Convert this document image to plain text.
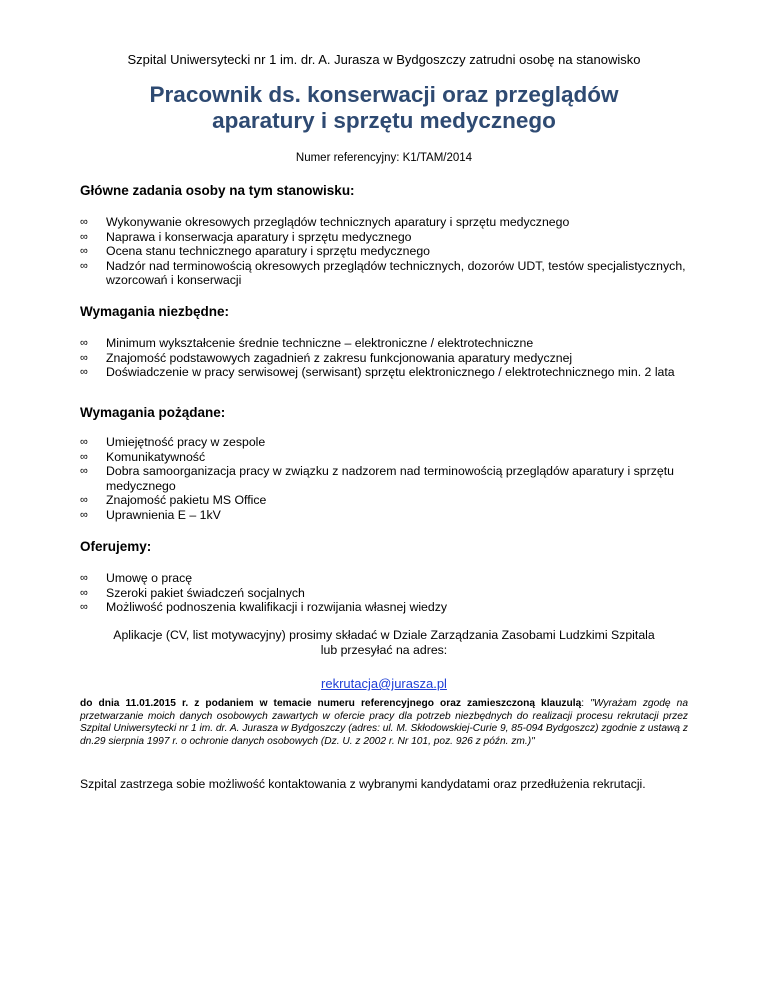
Szpital Uniwersytecki nr 1 im. dr. A. Jurasza w Bydgoszczy zatrudni osobę na stanowisko
Pracownik ds. konserwacji oraz przeglądów
aparatury i sprzętu medycznego
Numer referencyjny: K1/TAM/2014

Główne zadania osoby na tym stanowisku:

∞ Wykonywanie okresowych przeglądów technicznych aparatury i sprzętu medycznego
∞ Naprawa i konserwacja aparatury i sprzętu medycznego
∞ Ocena stanu technicznego aparatury i sprzętu medycznego
∞ Nadzór nad terminowością okresowych przeglądów technicznych, dozorów UDT, testów specjalistycznych, wzorcowań i konserwacji

Wymagania niezbędne:

∞ Minimum wykształcenie średnie techniczne – elektroniczne / elektrotechniczne
∞ Znajomość podstawowych zagadnień z zakresu funkcjonowania aparatury medycznej
∞ Doświadczenie w pracy serwisowej (serwisant) sprzętu elektronicznego / elektrotechnicznego min. 2 lata

Wymagania pożądane:

∞ Umiejętność pracy w zespole
∞ Komunikatywność
∞ Dobra samoorganizacja pracy w związku z nadzorem nad terminowością przeglądów aparatury i sprzętu medycznego
∞ Znajomość pakietu MS Office
∞ Uprawnienia E – 1kV

Oferujemy:

∞ Umowę o pracę
∞ Szeroki pakiet świadczeń socjalnych
∞ Możliwość podnoszenia kwalifikacji i rozwijania własnej wiedzy
Aplikacje (CV, list motywacyjny) prosimy składać w Dziale Zarządzania Zasobami Ludzkimi Szpitala
lub przesyłać na adres:
rekrutacja@jurasza.pl
do dnia 11.01.2015 r. z podaniem w temacie numeru referencyjnego oraz zamieszczoną klauzulą: "Wyrażam zgodę na przetwarzanie moich danych osobowych zawartych w ofercie pracy dla potrzeb niezbędnych do realizacji procesu rekrutacji przez Szpital Uniwersytecki nr 1 im. dr. A. Jurasza w Bydgoszczy (adres: ul. M. Skłodowskiej-Curie 9, 85-094 Bydgoszcz) zgodnie z ustawą z dn.29 sierpnia 1997 r. o ochronie danych osobowych (Dz. U. z 2002 r. Nr 101, poz. 926 z późn. zm.)"
Szpital zastrzega sobie możliwość kontaktowania z wybranymi kandydatami oraz przedłużenia rekrutacji.
